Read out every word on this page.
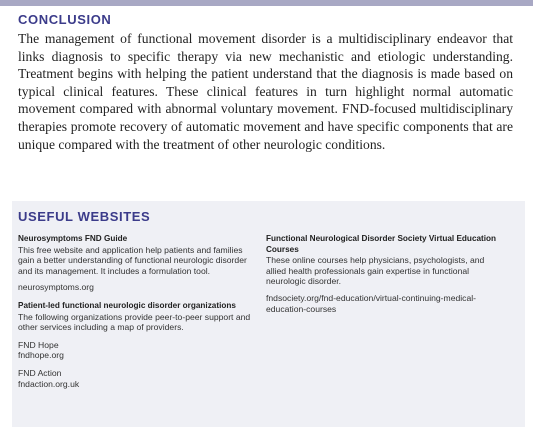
CONCLUSION

The management of functional movement disorder is a multidisciplinary endeavor that links diagnosis to specific therapy via new mechanistic and etiologic understanding. Treatment begins with helping the patient understand that the diagnosis is made based on typical clinical features. These clinical features in turn highlight normal automatic movement compared with abnormal voluntary movement. FND-focused multidisciplinary therapies promote recovery of automatic movement and have specific components that are unique compared with the treatment of other neurologic conditions.

USEFUL WEBSITES

Neurosymptoms FND Guide

This free website and application help patients and families gain a better understanding of functional neurologic disorder and its management. It includes a formulation tool.

neurosymptoms.org

Patient-led functional neurologic disorder organizations

The following organizations provide peer-to-peer support and other services including a map of providers.

FND Hope

fndhope.org

FND Action

fndaction.org.uk

Functional Neurological Disorder Society Virtual Education Courses

These online courses help physicians, psychologists, and allied health professionals gain expertise in functional neurologic disorder.

fndsociety.org/fnd-education/virtual-continuing-medical-education-courses
